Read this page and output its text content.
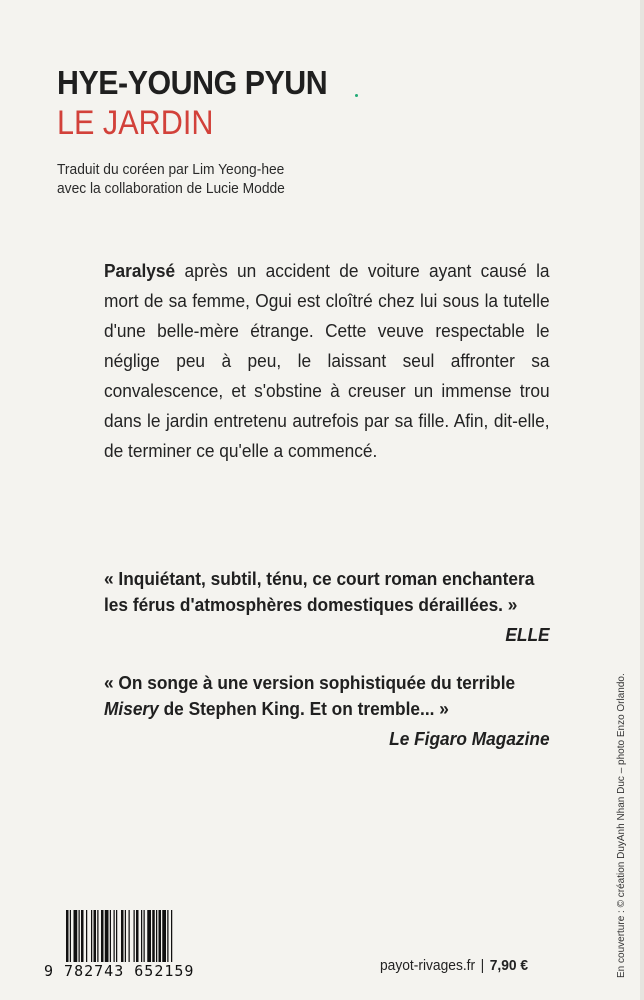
HYE-YOUNG PYUN
LE JARDIN
Traduit du coréen par Lim Yeong-hee
avec la collaboration de Lucie Modde
Paralysé après un accident de voiture ayant causé la mort de sa femme, Ogui est cloîtré chez lui sous la tutelle d'une belle-mère étrange. Cette veuve respectable le néglige peu à peu, le laissant seul affronter sa convalescence, et s'obstine à creuser un immense trou dans le jardin entretenu autrefois par sa fille. Afin, dit-elle, de terminer ce qu'elle a commencé.
« Inquiétant, subtil, ténu, ce court roman enchantera
les férus d'atmosphères domestiques déraillées. »
ELLE
« On songe à une version sophistiquée du terrible
Misery de Stephen King. Et on tremble... »
Le Figaro Magazine
9 782743 652159	payot-rivages.fr | 7,90 €	En couverture : © création DuyAnh Nhan Duc – photo Enzo Orlando.
